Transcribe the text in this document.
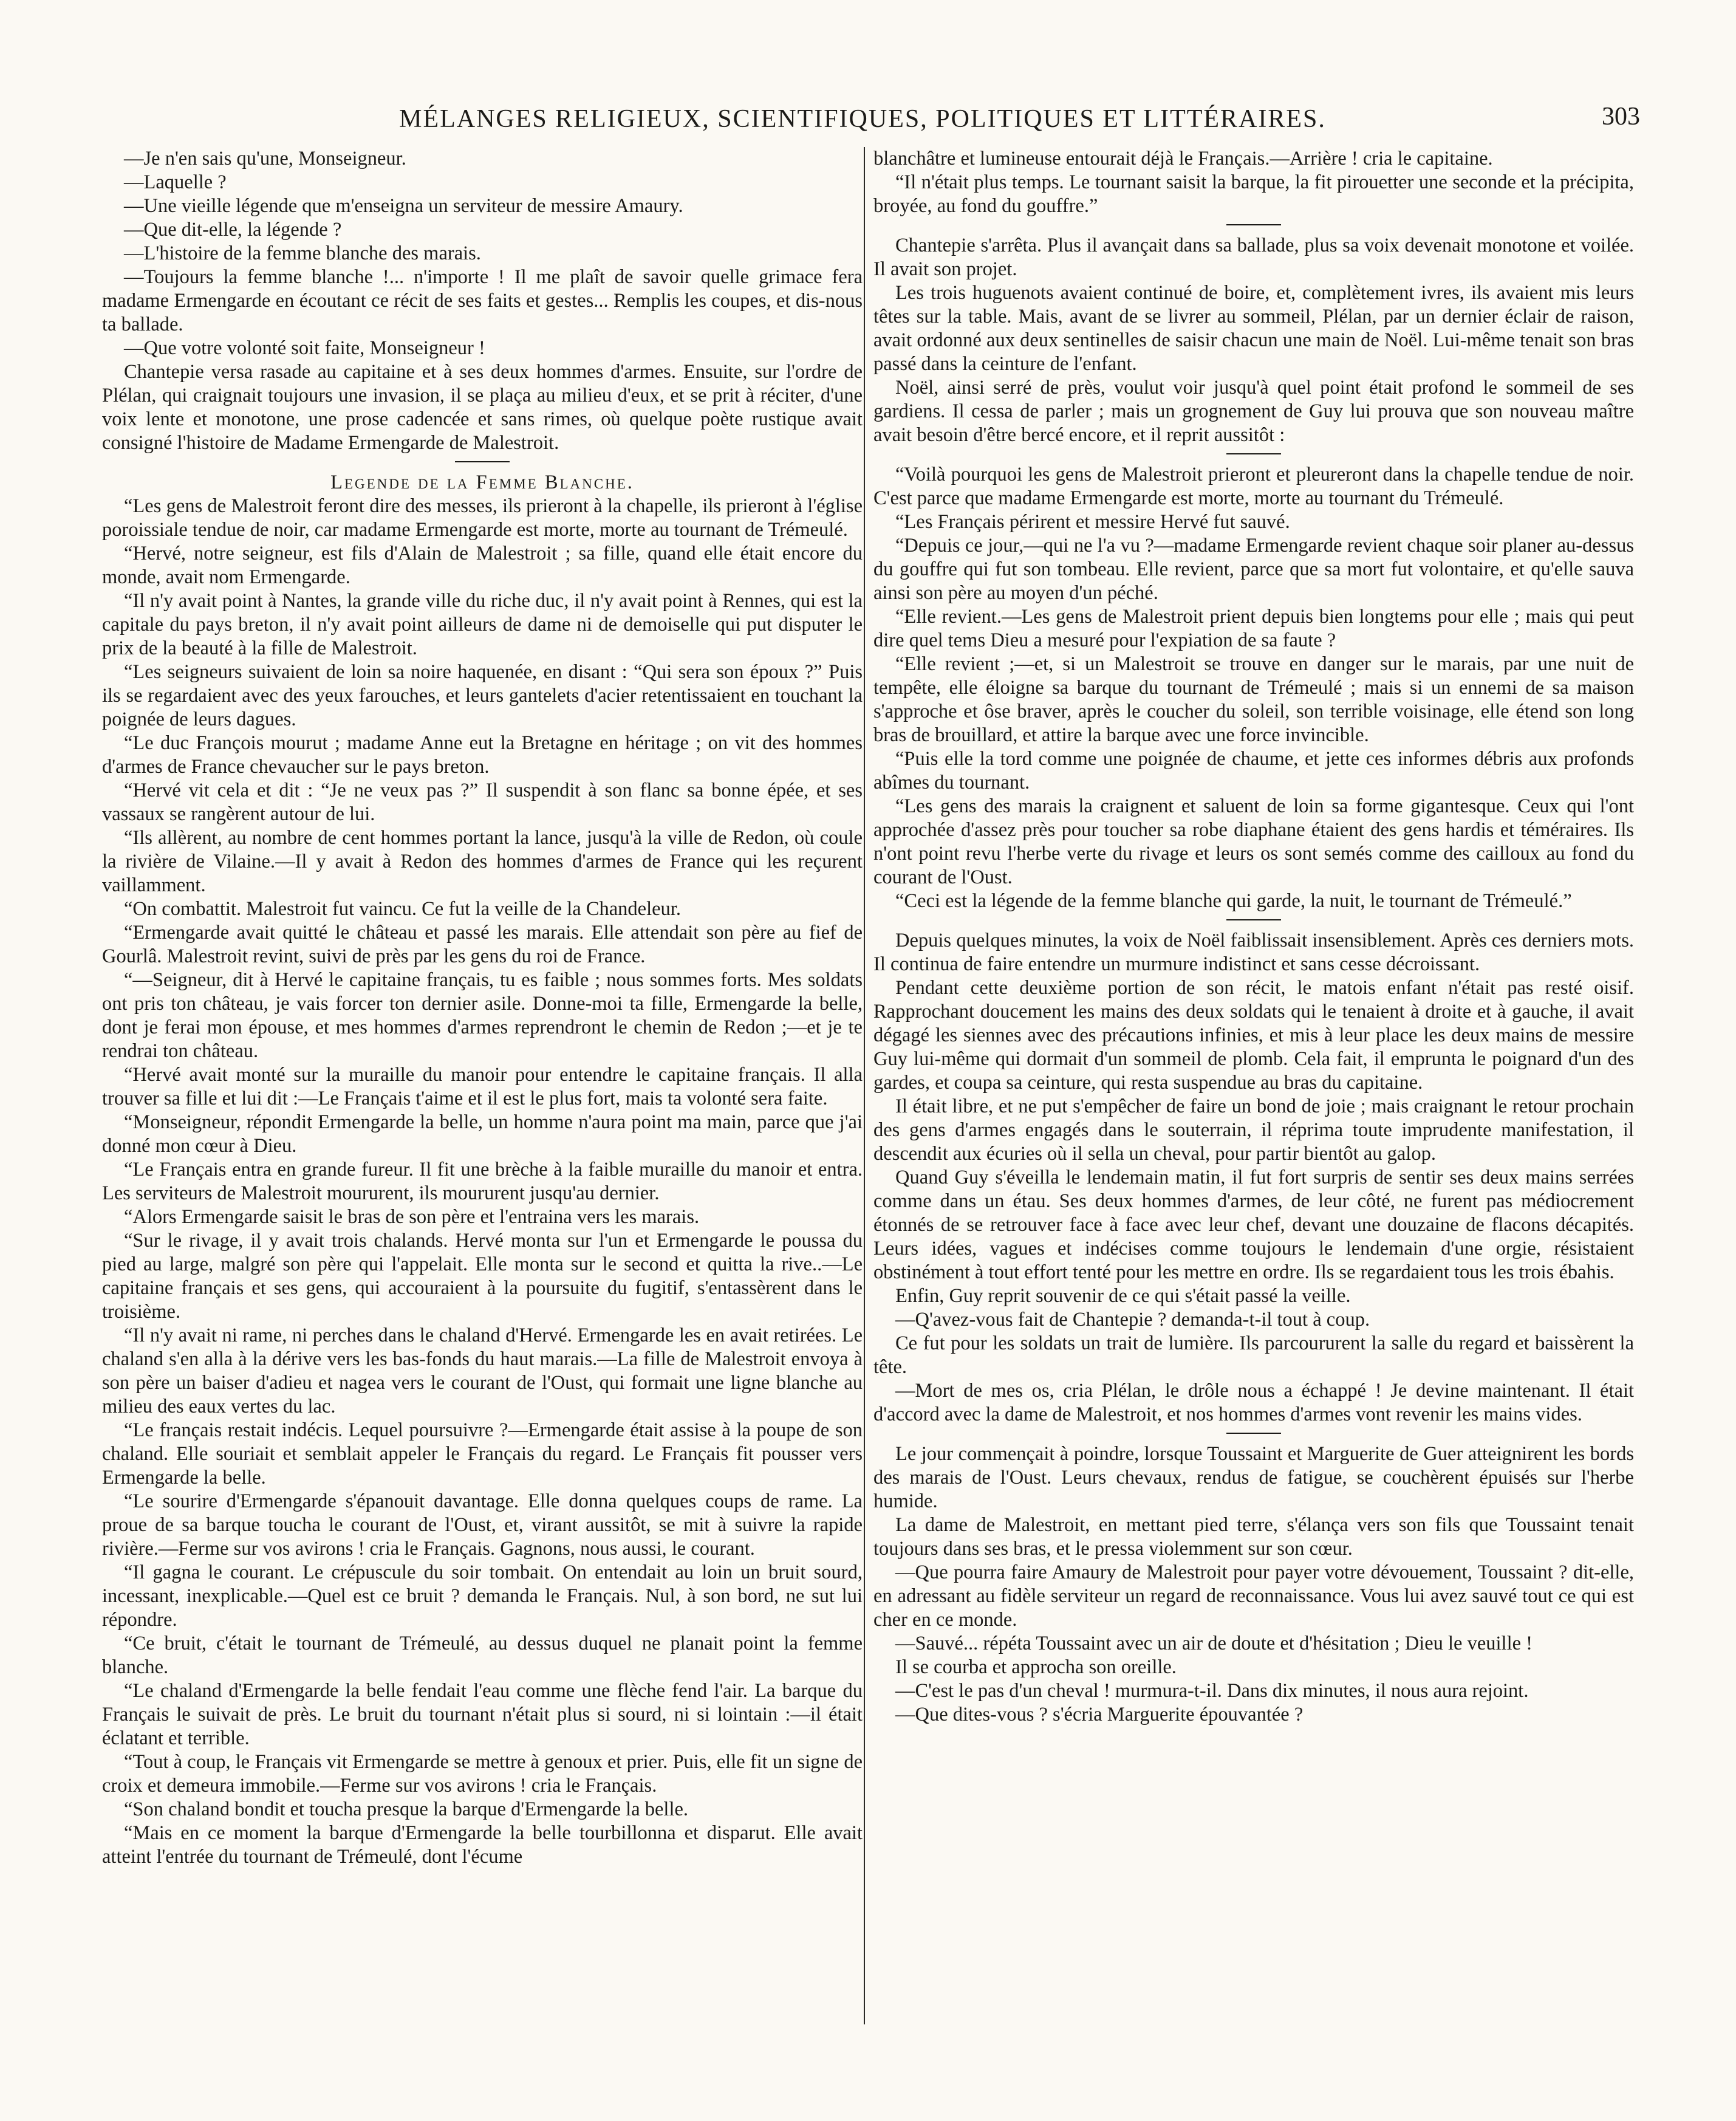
MÉLANGES RELIGIEUX, SCIENTIFIQUES, POLITIQUES ET LITTÉRAIRES.	303

—Je n'en sais qu'une, Monseigneur.

—Laquelle ?

—Une vieille légende que m'enseigna un serviteur de messire Amaury.

—Que dit-elle, la légende ?

—L'histoire de la femme blanche des marais.

—Toujours la femme blanche !... n'importe ! Il me plaît de savoir quelle grimace fera madame Ermengarde en écoutant ce récit de ses faits et gestes... Remplis les coupes, et dis-nous ta ballade.

—Que votre volonté soit faite, Monseigneur !

Chantepie versa rasade au capitaine et à ses deux hommes d'armes. Ensuite, sur l'ordre de Plélan, qui craignait toujours une invasion, il se plaça au milieu d'eux, et se prit à réciter, d'une voix lente et monotone, une prose cadencée et sans rimes, où quelque poète rustique avait consigné l'histoire de Madame Ermengarde de Malestroit.

Legende de la Femme Blanche.

“Les gens de Malestroit feront dire des messes, ils prieront à la chapelle, ils prieront à l'église poroissiale tendue de noir, car madame Ermengarde est morte, morte au tournant de Trémeulé.

“Hervé, notre seigneur, est fils d'Alain de Malestroit ; sa fille, quand elle était encore du monde, avait nom Ermengarde.

“Il n'y avait point à Nantes, la grande ville du riche duc, il n'y avait point à Rennes, qui est la capitale du pays breton, il n'y avait point ailleurs de dame ni de demoiselle qui put disputer le prix de la beauté à la fille de Malestroit.

“Les seigneurs suivaient de loin sa noire haquenée, en disant : “Qui sera son époux ?” Puis ils se regardaient avec des yeux farouches, et leurs gantelets d'acier retentissaient en touchant la poignée de leurs dagues.

“Le duc François mourut ; madame Anne eut la Bretagne en héritage ; on vit des hommes d'armes de France chevaucher sur le pays breton.

“Hervé vit cela et dit : “Je ne veux pas ?” Il suspendit à son flanc sa bonne épée, et ses vassaux se rangèrent autour de lui.

“Ils allèrent, au nombre de cent hommes portant la lance, jusqu'à la ville de Redon, où coule la rivière de Vilaine.—Il y avait à Redon des hommes d'armes de France qui les reçurent vaillamment.

“On combattit. Malestroit fut vaincu. Ce fut la veille de la Chandeleur.

“Ermengarde avait quitté le château et passé les marais. Elle attendait son père au fief de Gourlâ. Malestroit revint, suivi de près par les gens du roi de France.

“—Seigneur, dit à Hervé le capitaine français, tu es faible ; nous sommes forts. Mes soldats ont pris ton château, je vais forcer ton dernier asile. Donne-moi ta fille, Ermengarde la belle, dont je ferai mon épouse, et mes hommes d'armes reprendront le chemin de Redon ;—et je te rendrai ton château.

“Hervé avait monté sur la muraille du manoir pour entendre le capitaine français. Il alla trouver sa fille et lui dit :—Le Français t'aime et il est le plus fort, mais ta volonté sera faite.

“Monseigneur, répondit Ermengarde la belle, un homme n'aura point ma main, parce que j'ai donné mon cœur à Dieu.

“Le Français entra en grande fureur. Il fit une brèche à la faible muraille du manoir et entra. Les serviteurs de Malestroit moururent, ils moururent jusqu'au dernier.

“Alors Ermengarde saisit le bras de son père et l'entraina vers les marais.

“Sur le rivage, il y avait trois chalands. Hervé monta sur l'un et Ermengarde le poussa du pied au large, malgré son père qui l'appelait. Elle monta sur le second et quitta la rive..—Le capitaine français et ses gens, qui accouraient à la poursuite du fugitif, s'entassèrent dans le troisième.

“Il n'y avait ni rame, ni perches dans le chaland d'Hervé. Ermengarde les en avait retirées. Le chaland s'en alla à la dérive vers les bas-fonds du haut marais.—La fille de Malestroit envoya à son père un baiser d'adieu et nagea vers le courant de l'Oust, qui formait une ligne blanche au milieu des eaux vertes du lac.

“Le français restait indécis. Lequel poursuivre ?—Ermengarde était assise à la poupe de son chaland. Elle souriait et semblait appeler le Français du regard. Le Français fit pousser vers Ermengarde la belle.

“Le sourire d'Ermengarde s'épanouit davantage. Elle donna quelques coups de rame. La proue de sa barque toucha le courant de l'Oust, et, virant aussitôt, se mit à suivre la rapide rivière.—Ferme sur vos avirons ! cria le Français. Gagnons, nous aussi, le courant.

“Il gagna le courant. Le crépuscule du soir tombait. On entendait au loin un bruit sourd, incessant, inexplicable.—Quel est ce bruit ? demanda le Français. Nul, à son bord, ne sut lui répondre.

“Ce bruit, c'était le tournant de Trémeulé, au dessus duquel ne planait point la femme blanche.

“Le chaland d'Ermengarde la belle fendait l'eau comme une flèche fend l'air. La barque du Français le suivait de près. Le bruit du tournant n'était plus si sourd, ni si lointain :—il était éclatant et terrible.

“Tout à coup, le Français vit Ermengarde se mettre à genoux et prier. Puis, elle fit un signe de croix et demeura immobile.—Ferme sur vos avirons ! cria le Français.

“Son chaland bondit et toucha presque la barque d'Ermengarde la belle.

“Mais en ce moment la barque d'Ermengarde la belle tourbillonna et disparut. Elle avait atteint l'entrée du tournant de Trémeulé, dont l'écume

blanchâtre et lumineuse entourait déjà le Français.—Arrière ! cria le capitaine.

“Il n'était plus temps. Le tournant saisit la barque, la fit pirouetter une seconde et la précipita, broyée, au fond du gouffre.”

Chantepie s'arrêta. Plus il avançait dans sa ballade, plus sa voix devenait monotone et voilée. Il avait son projet.

Les trois huguenots avaient continué de boire, et, complètement ivres, ils avaient mis leurs têtes sur la table. Mais, avant de se livrer au sommeil, Plélan, par un dernier éclair de raison, avait ordonné aux deux sentinelles de saisir chacun une main de Noël. Lui-même tenait son bras passé dans la ceinture de l'enfant.

Noël, ainsi serré de près, voulut voir jusqu'à quel point était profond le sommeil de ses gardiens. Il cessa de parler ; mais un grognement de Guy lui prouva que son nouveau maître avait besoin d'être bercé encore, et il reprit aussitôt :

“Voilà pourquoi les gens de Malestroit prieront et pleureront dans la chapelle tendue de noir. C'est parce que madame Ermengarde est morte, morte au tournant du Trémeulé.

“Les Français périrent et messire Hervé fut sauvé.

“Depuis ce jour,—qui ne l'a vu ?—madame Ermengarde revient chaque soir planer au-dessus du gouffre qui fut son tombeau. Elle revient, parce que sa mort fut volontaire, et qu'elle sauva ainsi son père au moyen d'un péché.

“Elle revient.—Les gens de Malestroit prient depuis bien longtems pour elle ; mais qui peut dire quel tems Dieu a mesuré pour l'expiation de sa faute ?

“Elle revient ;—et, si un Malestroit se trouve en danger sur le marais, par une nuit de tempête, elle éloigne sa barque du tournant de Trémeulé ; mais si un ennemi de sa maison s'approche et ôse braver, après le coucher du soleil, son terrible voisinage, elle étend son long bras de brouillard, et attire la barque avec une force invincible.

“Puis elle la tord comme une poignée de chaume, et jette ces informes débris aux profonds abîmes du tournant.

“Les gens des marais la craignent et saluent de loin sa forme gigantesque. Ceux qui l'ont approchée d'assez près pour toucher sa robe diaphane étaient des gens hardis et téméraires. Ils n'ont point revu l'herbe verte du rivage et leurs os sont semés comme des cailloux au fond du courant de l'Oust.

“Ceci est la légende de la femme blanche qui garde, la nuit, le tournant de Trémeulé.”

Depuis quelques minutes, la voix de Noël faiblissait insensiblement. Après ces derniers mots. Il continua de faire entendre un murmure indistinct et sans cesse décroissant.

Pendant cette deuxième portion de son récit, le matois enfant n'était pas resté oisif. Rapprochant doucement les mains des deux soldats qui le tenaient à droite et à gauche, il avait dégagé les siennes avec des précautions infinies, et mis à leur place les deux mains de messire Guy lui-même qui dormait d'un sommeil de plomb. Cela fait, il emprunta le poignard d'un des gardes, et coupa sa ceinture, qui resta suspendue au bras du capitaine.

Il était libre, et ne put s'empêcher de faire un bond de joie ; mais craignant le retour prochain des gens d'armes engagés dans le souterrain, il réprima toute imprudente manifestation, il descendit aux écuries où il sella un cheval, pour partir bientôt au galop.

Quand Guy s'éveilla le lendemain matin, il fut fort surpris de sentir ses deux mains serrées comme dans un étau. Ses deux hommes d'armes, de leur côté, ne furent pas médiocrement étonnés de se retrouver face à face avec leur chef, devant une douzaine de flacons décapités. Leurs idées, vagues et indécises comme toujours le lendemain d'une orgie, résistaient obstinément à tout effort tenté pour les mettre en ordre. Ils se regardaient tous les trois ébahis.

Enfin, Guy reprit souvenir de ce qui s'était passé la veille.

—Q'avez-vous fait de Chantepie ? demanda-t-il tout à coup.

Ce fut pour les soldats un trait de lumière. Ils parcoururent la salle du regard et baissèrent la tête.

—Mort de mes os, cria Plélan, le drôle nous a échappé ! Je devine maintenant. Il était d'accord avec la dame de Malestroit, et nos hommes d'armes vont revenir les mains vides.

Le jour commençait à poindre, lorsque Toussaint et Marguerite de Guer atteignirent les bords des marais de l'Oust. Leurs chevaux, rendus de fatigue, se couchèrent épuisés sur l'herbe humide.

La dame de Malestroit, en mettant pied terre, s'élança vers son fils que Toussaint tenait toujours dans ses bras, et le pressa violemment sur son cœur.

—Que pourra faire Amaury de Malestroit pour payer votre dévouement, Toussaint ? dit-elle, en adressant au fidèle serviteur un regard de reconnaissance. Vous lui avez sauvé tout ce qui est cher en ce monde.

—Sauvé... répéta Toussaint avec un air de doute et d'hésitation ; Dieu le veuille !

Il se courba et approcha son oreille.

—C'est le pas d'un cheval ! murmura-t-il. Dans dix minutes, il nous aura rejoint.

—Que dites-vous ? s'écria Marguerite épouvantée ?
